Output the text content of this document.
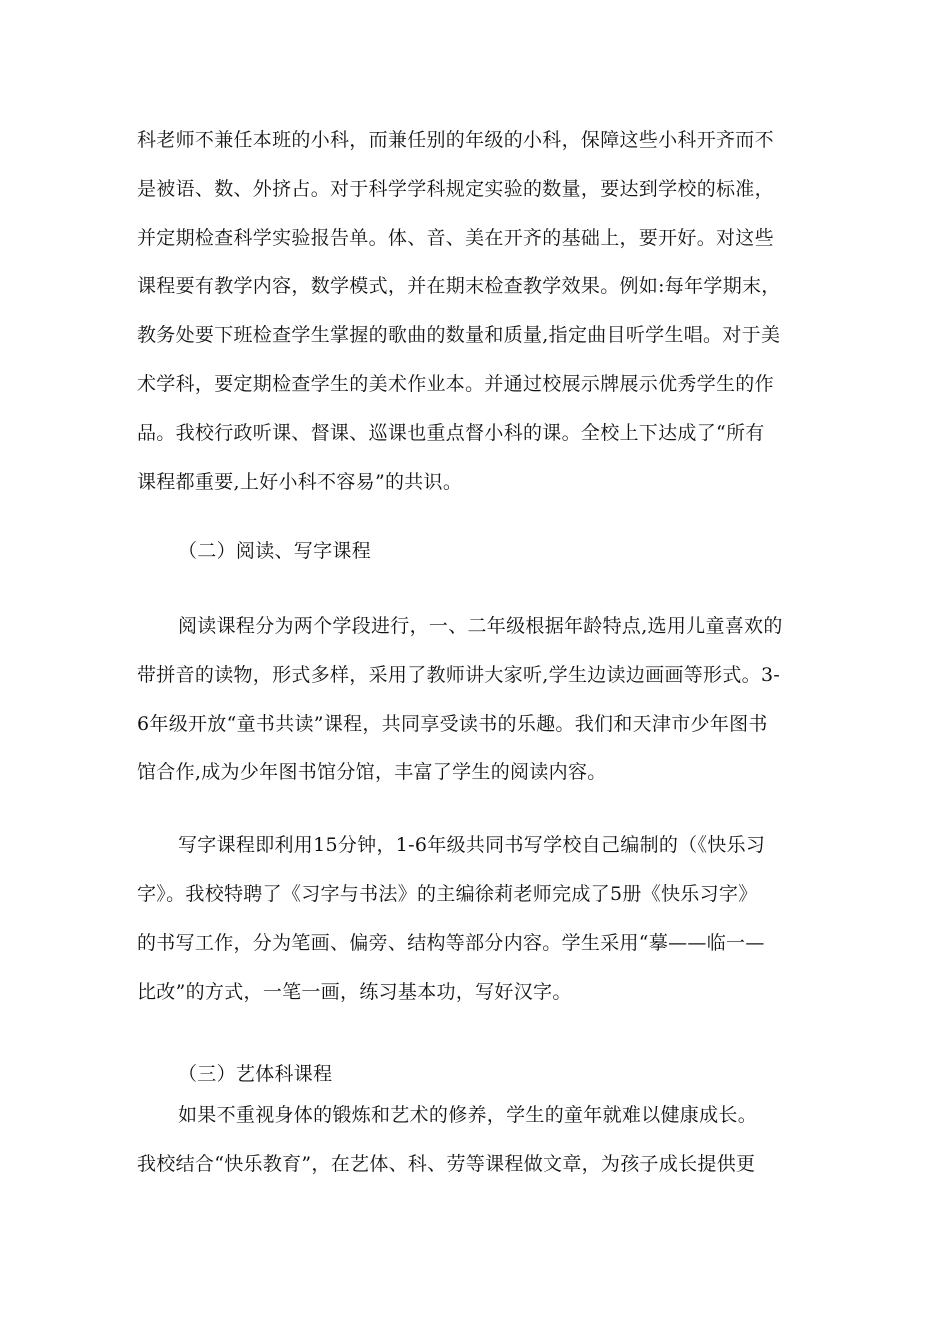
科老师不兼任本班的小科，而兼任别的年级的小科，保障这些小科开齐而不
是被语、数、外挤占。对于科学学科规定实验的数量，要达到学校的标准，
并定期检查科学实验报告单。体、音、美在开齐的基础上，要开好。对这些
课程要有教学内容，数学模式，并在期末检查教学效果。例如:每年学期末，
教务处要下班检查学生掌握的歌曲的数量和质量,指定曲目听学生唱。对于美
术学科，要定期检查学生的美术作业本。并通过校展示牌展示优秀学生的作
品。我校行政听课、督课、巡课也重点督小科的课。全校上下达成了“所有
课程都重要,上好小科不容易”的共识。
（二）阅读、写字课程
阅读课程分为两个学段进行，一、二年级根据年龄特点,选用儿童喜欢的
带拼音的读物，形式多样，采用了教师讲大家听,学生边读边画画等形式。3-
6年级开放“童书共读”课程，共同享受读书的乐趣。我们和天津市少年图书
馆合作,成为少年图书馆分馆，丰富了学生的阅读内容。
写字课程即利用15分钟，1-6年级共同书写学校自己编制的（《快乐习
字》。我校特聘了《习字与书法》的主编徐莉老师完成了5册《快乐习字》
的书写工作，分为笔画、偏旁、结构等部分内容。学生采用“摹——临一—
比改”的方式，一笔一画，练习基本功，写好汉字。
（三）艺体科课程
如果不重视身体的锻炼和艺术的修养，学生的童年就难以健康成长。
我校结合“快乐教育”，在艺体、科、劳等课程做文章，为孩子成长提供更
